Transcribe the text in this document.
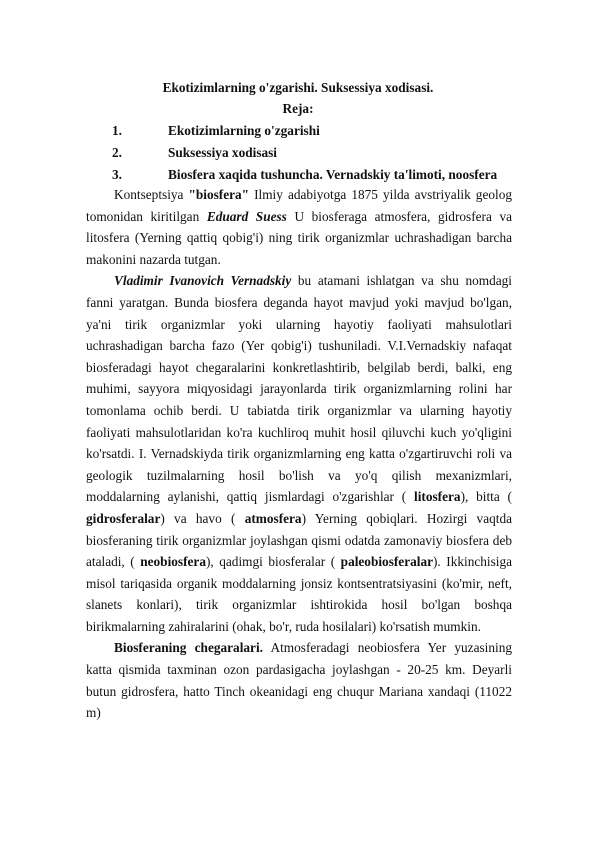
Ekotizimlarning o'zgarishi. Suksessiya xodisasi.
Reja:
1.	Ekotizimlarning o'zgarishi
2.	Suksessiya xodisasi
3.	Biosfera xaqida tushuncha. Vernadskiy ta'limoti, noosfera

Kontseptsiya "biosfera" Ilmiy adabiyotga 1875 yilda avstriyalik geolog tomonidan kiritilgan Eduard Suess U biosferaga atmosfera, gidrosfera va litosfera (Yerning qattiq qobig'i) ning tirik organizmlar uchrashadigan barcha makonini nazarda tutgan.

Vladimir Ivanovich Vernadskiy bu atamani ishlatgan va shu nomdagi fanni yaratgan. Bunda biosfera deganda hayot mavjud yoki mavjud bo'lgan, ya'ni tirik organizmlar yoki ularning hayotiy faoliyati mahsulotlari uchrashadigan barcha fazo (Yer qobig'i) tushuniladi. V.I.Vernadskiy nafaqat biosferadagi hayot chegaralarini konkretlashtirib, belgilab berdi, balki, eng muhimi, sayyora miqyosidagi jarayonlarda tirik organizmlarning rolini har tomonlama ochib berdi. U tabiatda tirik organizmlar va ularning hayotiy faoliyati mahsulotlaridan ko'ra kuchliroq muhit hosil qiluvchi kuch yo'qligini ko'rsatdi. I. Vernadskiyda tirik organizmlarning eng katta o'zgartiruvchi roli va geologik tuzilmalarning hosil bo'lish va yo'q qilish mexanizmlari, moddalarning aylanishi, qattiq jismlardagi o'zgarishlar ( litosfera), bitta ( gidrosferalar) va havo ( atmosfera) Yerning qobiqlari. Hozirgi vaqtda biosferaning tirik organizmlar joylashgan qismi odatda zamonaviy biosfera deb ataladi, ( neobiosfera), qadimgi biosferalar ( paleobiosferalar). Ikkinchisiga misol tariqasida organik moddalarning jonsiz kontsentratsiyasini (ko'mir, neft, slanets konlari), tirik organizmlar ishtirokida hosil bo'lgan boshqa birikmalarning zahiralarini (ohak, bo'r, ruda hosilalari) ko'rsatish mumkin.

Biosferaning chegaralari. Atmosferadagi neobiosfera Yer yuzasining katta qismida taxminan ozon pardasigacha joylashgan - 20-25 km. Deyarli butun gidrosfera, hatto Tinch okeanidagi eng chuqur Mariana xandaqi (11022 m)
